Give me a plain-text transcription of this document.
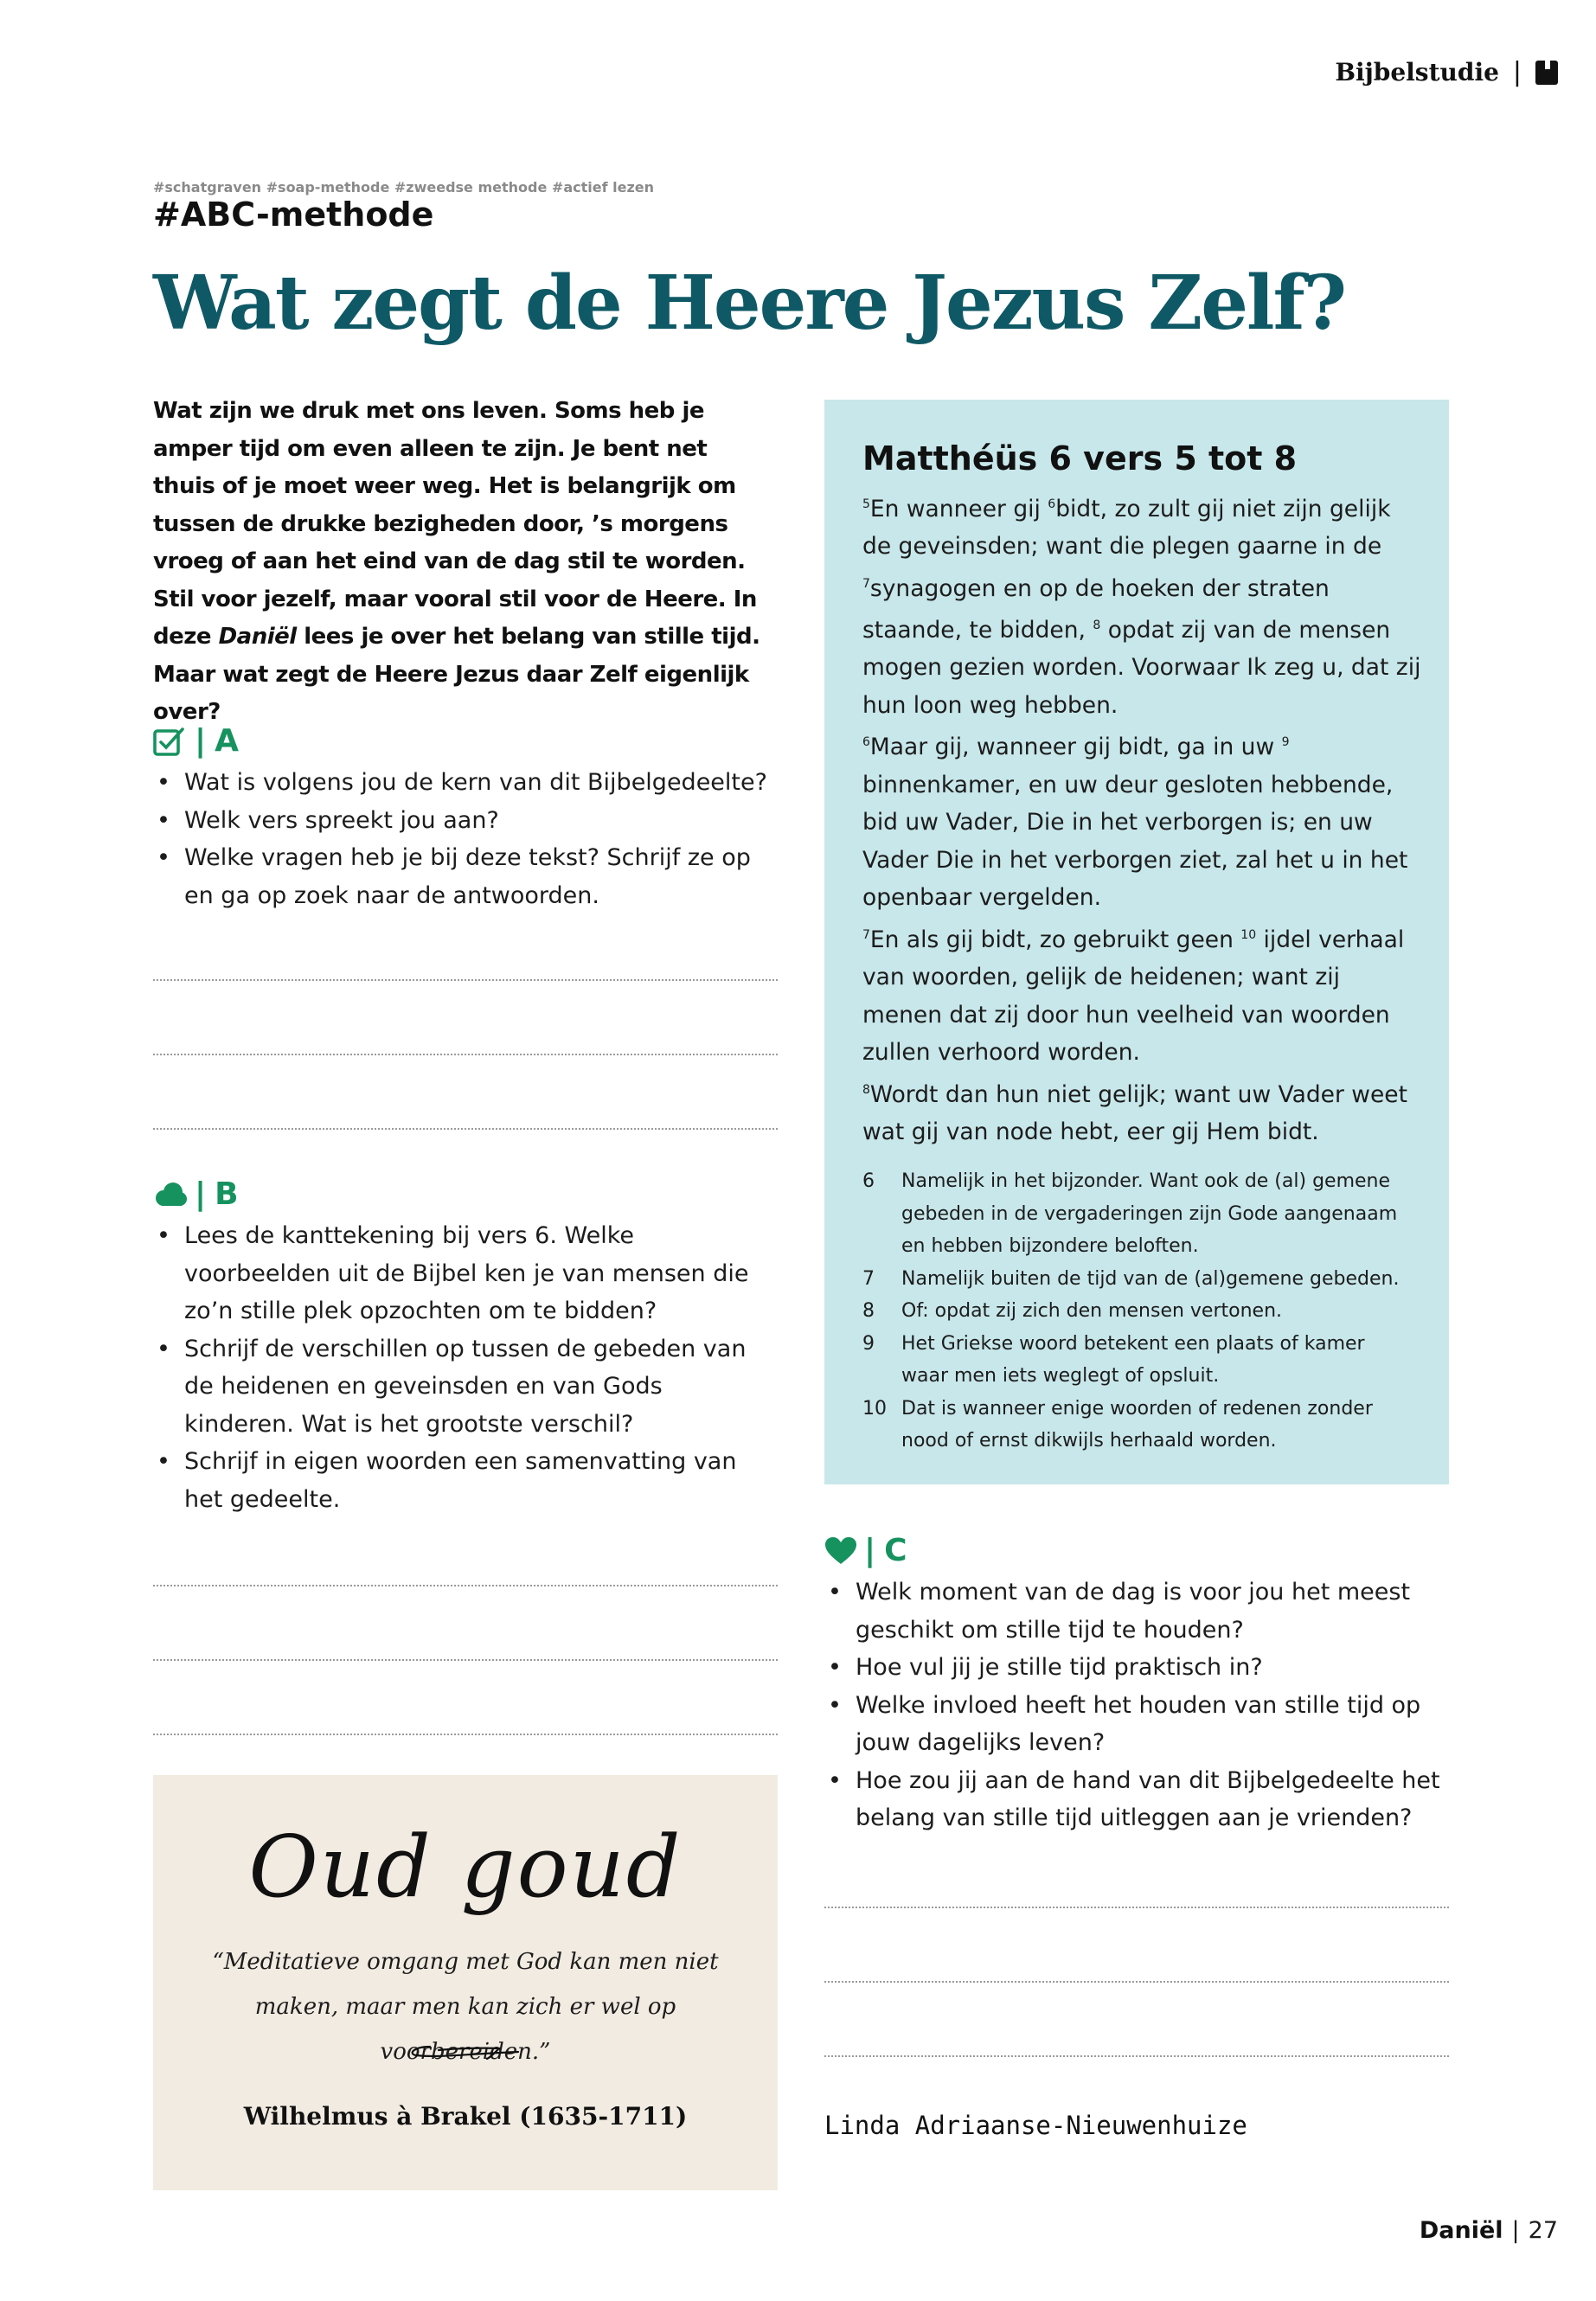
Bijbelstudie |
#schatgraven #soap-methode #zweedse methode #actief lezen
#ABC-methode
Wat zegt de Heere Jezus Zelf?
Wat zijn we druk met ons leven. Soms heb je amper tijd om even alleen te zijn. Je bent net thuis of je moet weer weg. Het is belangrijk om tussen de drukke bezigheden door, ’s morgens vroeg of aan het eind van de dag stil te worden. Stil voor jezelf, maar vooral stil voor de Heere. In deze Daniël lees je over het belang van stille tijd. Maar wat zegt de Heere Jezus daar Zelf eigenlijk over?
| A
• Wat is volgens jou de kern van dit Bijbelgedeelte?
• Welk vers spreekt jou aan?
• Welke vragen heb je bij deze tekst? Schrijf ze op en ga op zoek naar de antwoorden.
| B
• Lees de kanttekening bij vers 6. Welke voorbeelden uit de Bijbel ken je van mensen die zo’n stille plek opzochten om te bidden?
• Schrijf de verschillen op tussen de gebeden van de heidenen en geveinsden en van Gods kinderen. Wat is het grootste verschil?
• Schrijf in eigen woorden een samenvatting van het gedeelte.
Matthéüs 6 vers 5 tot 8

$^5$En wanneer gij $^6$bidt, zo zult gij niet zijn gelijk de geveinsden; want die plegen gaarne in de $^7$synagogen en op de hoeken der straten staande, te bidden, $^8$ opdat zij van de mensen mogen gezien worden. Voorwaar Ik zeg u, dat zij hun loon weg hebben.

$^6$Maar gij, wanneer gij bidt, ga in uw $^9$ binnenkamer, en uw deur gesloten hebbende, bid uw Vader, Die in het verborgen is; en uw Vader Die in het verborgen ziet, zal het u in het openbaar vergelden.

$^7$En als gij bidt, zo gebruikt geen $^{10}$ ijdel verhaal van woorden, gelijk de heidenen; want zij menen dat zij door hun veelheid van woorden zullen verhoord worden.

$^8$Wordt dan hun niet gelijk; want uw Vader weet wat gij van node hebt, eer gij Hem bidt.

6	Namelijk in het bijzonder. Want ook de (al) gemene gebeden in de vergaderingen zijn Gode aangenaam en hebben bijzondere beloften.
7	Namelijk buiten de tijd van de (al)gemene gebeden.
8	Of: opdat zij zich den mensen vertonen.
9	Het Griekse woord betekent een plaats of kamer waar men iets weglegt of opsluit.
10 Dat is wanneer enige woorden of redenen zonder nood of ernst dikwijls herhaald worden.
| C
• Welk moment van de dag is voor jou het meest geschikt om stille tijd te houden?
• Hoe vul jij je stille tijd praktisch in?
• Welke invloed heeft het houden van stille tijd op jouw dagelijks leven?
• Hoe zou jij aan de hand van dit Bijbelgedeelte het belang van stille tijd uitleggen aan je vrienden?
Oud goud
“Meditatieve omgang met God kan men niet maken, maar men kan zich er wel op voorbereiden.”
Wilhelmus à Brakel (1635-1711)	Linda Adriaanse-Nieuwenhuize
Daniël | 27
